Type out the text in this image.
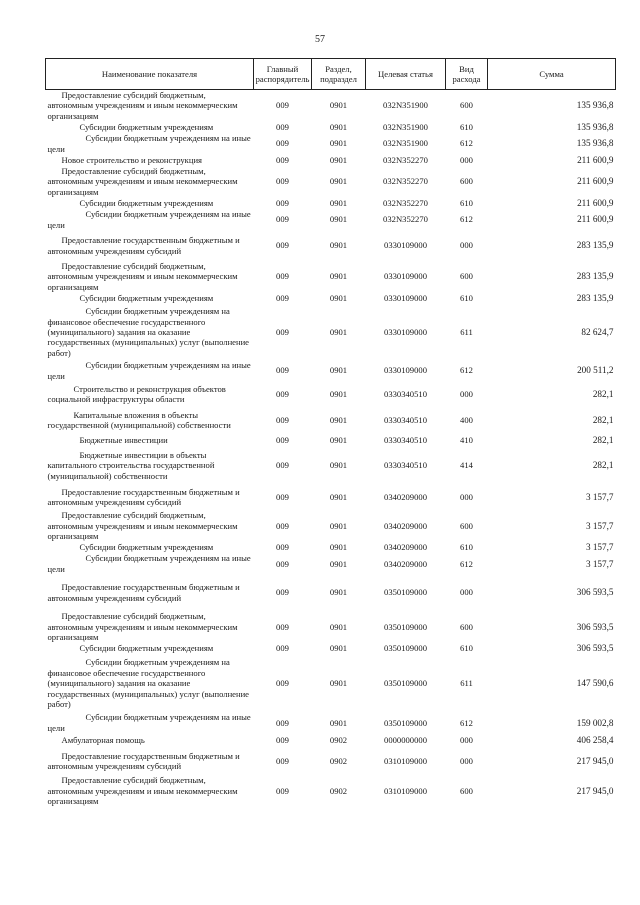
57
Наименование показателя	Главный распорядитель	Раздел, подраздел	Целевая статья	Вид расхода	Сумма

Предоставление субсидий бюджетным, автономным учреждениям и иным некоммерческим организациям	009	0901	032N351900	600	135 936,8

Субсидии бюджетным учреждениям	009	0901	032N351900	610	135 936,8

Субсидии бюджетным учреждениям на иные цели	009	0901	032N351900	612	135 936,8

Новое строительство и реконструкция	009	0901	032N352270	000	211 600,9

Предоставление субсидий бюджетным, автономным учреждениям и иным некоммерческим организациям	009	0901	032N352270	600	211 600,9

Субсидии бюджетным учреждениям	009	0901	032N352270	610	211 600,9

Субсидии бюджетным учреждениям на иные цели	009	0901	032N352270	612	211 600,9

Предоставление государственным бюджетным и автономным учреждениям субсидий	009	0901	0330109000	000	283 135,9

Предоставление субсидий бюджетным, автономным учреждениям и иным некоммерческим организациям	009	0901	0330109000	600	283 135,9

Субсидии бюджетным учреждениям	009	0901	0330109000	610	283 135,9

Субсидии бюджетным учреждениям на финансовое обеспечение государственного (муниципального) задания на оказание государственных (муниципальных) услуг (выполнение работ)	009	0901	0330109000	611	82 624,7

Субсидии бюджетным учреждениям на иные цели	009	0901	0330109000	612	200 511,2

Строительство и реконструкция объектов социальной инфраструктуры области	009	0901	0330340510	000	282,1

Капитальные вложения в объекты государственной (муниципальной) собственности	009	0901	0330340510	400	282,1

Бюджетные инвестиции	009	0901	0330340510	410	282,1

Бюджетные инвестиции в объекты капитального строительства государственной (муниципальной) собственности	009	0901	0330340510	414	282,1

Предоставление государственным бюджетным и автономным учреждениям субсидий	009	0901	0340209000	000	3 157,7

Предоставление субсидий бюджетным, автономным учреждениям и иным некоммерческим организациям	009	0901	0340209000	600	3 157,7

Субсидии бюджетным учреждениям	009	0901	0340209000	610	3 157,7

Субсидии бюджетным учреждениям на иные цели	009	0901	0340209000	612	3 157,7

Предоставление государственным бюджетным и автономным учреждениям субсидий	009	0901	0350109000	000	306 593,5

Предоставление субсидий бюджетным, автономным учреждениям и иным некоммерческим организациям	009	0901	0350109000	600	306 593,5

Субсидии бюджетным учреждениям	009	0901	0350109000	610	306 593,5

Субсидии бюджетным учреждениям на финансовое обеспечение государственного (муниципального) задания на оказание государственных (муниципальных) услуг (выполнение работ)	009	0901	0350109000	611	147 590,6

Субсидии бюджетным учреждениям на иные цели	009	0901	0350109000	612	159 002,8

Амбулаторная помощь	009	0902	0000000000	000	406 258,4

Предоставление государственным бюджетным и автономным учреждениям субсидий	009	0902	0310109000	000	217 945,0

Предоставление субсидий бюджетным, автономным учреждениям и иным некоммерческим организациям	009	0902	0310109000	600	217 945,0
